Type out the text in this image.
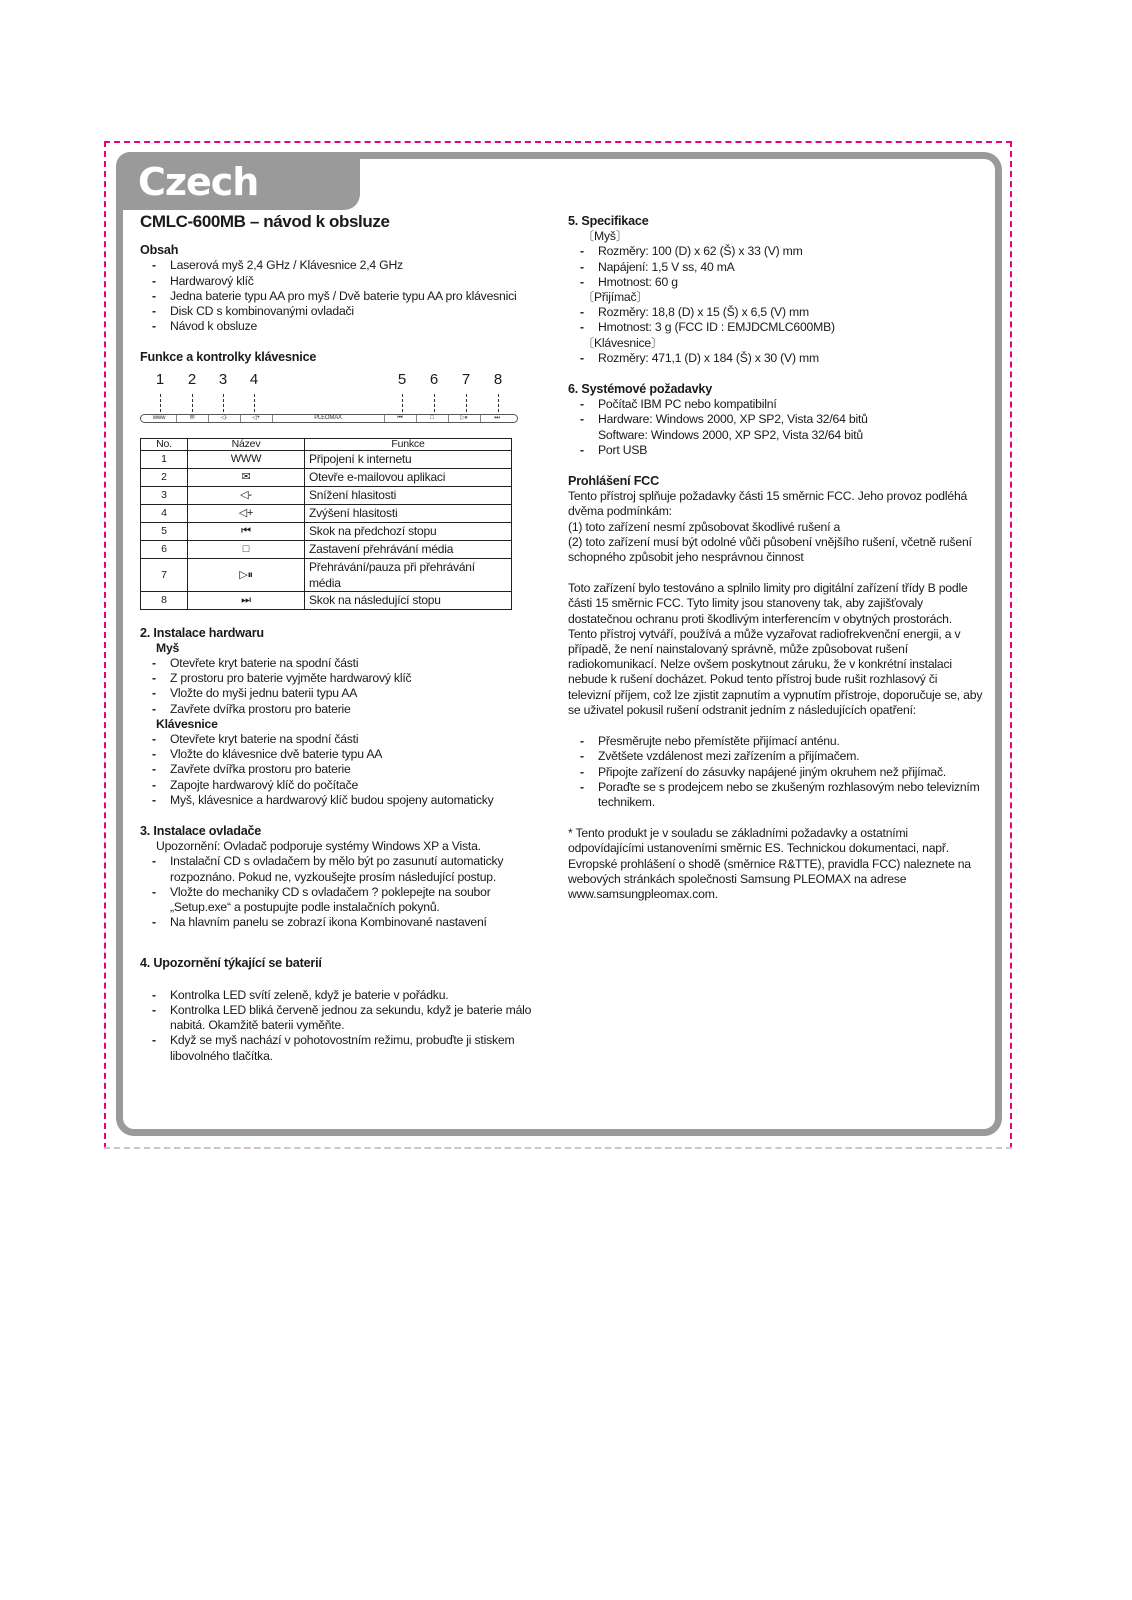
Czech
CMLC-600MB – návod k obsluze
Obsah
- Laserová myš 2,4 GHz / Klávesnice 2,4 GHz
- Hardwarový klíč
- Jedna baterie typu AA pro myš / Dvě baterie typu AA pro klávesnici
- Disk CD s kombinovanými ovladači
- Návod k obsluze
Funkce a kontrolky klávesnice
1 2 3 4	5 6 7 8
www	✉	◁-	◁+	PLEOMAX	⏮	□	▷⏸	⏭
No.	Název	Funkce
1	WWW	Připojení k internetu
2	✉	Otevře e-mailovou aplikaci
3	◁-	Snížení hlasitosti
4	◁+	Zvýšení hlasitosti
5	⏮	Skok na předchozí stopu
6	□	Zastavení přehrávání média
7	▷⏸	Přehrávání/pauza při přehrávání média
8	⏭	Skok na následující stopu
2. Instalace hardwaru
Myš
- Otevřete kryt baterie na spodní části
- Z prostoru pro baterie vyjměte hardwarový klíč
- Vložte do myši jednu baterii typu AA
- Zavřete dvířka prostoru pro baterie
Klávesnice
- Otevřete kryt baterie na spodní části
- Vložte do klávesnice dvě baterie typu AA
- Zavřete dvířka prostoru pro baterie
- Zapojte hardwarový klíč do počítače
- Myš, klávesnice a hardwarový klíč budou spojeny automaticky
3. Instalace ovladače
Upozornění: Ovladač podporuje systémy Windows XP a Vista.
- Instalační CD s ovladačem by mělo být po zasunutí automaticky rozpoznáno. Pokud ne, vyzkoušejte prosím následující postup.
- Vložte do mechaniky CD s ovladačem ? poklepejte na soubor „Setup.exe“ a postupujte podle instalačních pokynů.
- Na hlavním panelu se zobrazí ikona Kombinované nastavení
4. Upozornění týkající se baterií
- Kontrolka LED svítí zeleně, když je baterie v pořádku.
- Kontrolka LED bliká červeně jednou za sekundu, když je baterie málo nabitá. Okamžitě baterii vyměňte.
- Když se myš nachází v pohotovostním režimu, probuďte ji stiskem libovolného tlačítka.
5. Specifikace
〔Myš〕
- Rozměry: 100 (D) x 62 (Š) x 33 (V) mm
- Napájení: 1,5 V ss, 40 mA
- Hmotnost: 60 g
〔Přijímač〕
- Rozměry: 18,8 (D) x 15 (Š) x 6,5 (V) mm
- Hmotnost: 3 g (FCC ID : EMJDCMLC600MB)
〔Klávesnice〕
- Rozměry: 471,1 (D) x 184 (Š) x 30 (V) mm
6. Systémové požadavky
- Počítač IBM PC nebo kompatibilní
- Hardware: Windows 2000, XP SP2, Vista 32/64 bitů
Software: Windows 2000, XP SP2, Vista 32/64 bitů
- Port USB
Prohlášení FCC
Tento přístroj splňuje požadavky části 15 směrnic FCC. Jeho provoz podléhá dvěma podmínkám:
(1) toto zařízení nesmí způsobovat škodlivé rušení a
(2) toto zařízení musí být odolné vůči působení vnějšího rušení, včetně rušení schopného způsobit jeho nesprávnou činnost
Toto zařízení bylo testováno a splnilo limity pro digitální zařízení třídy B podle části 15 směrnic FCC. Tyto limity jsou stanoveny tak, aby zajišťovaly dostatečnou ochranu proti škodlivým interferencím v obytných prostorách. Tento přístroj vytváří, používá a může vyzařovat radiofrekvenční energii, a v případě, že není nainstalovaný správně, může způsobovat rušení radiokomunikací. Nelze ovšem poskytnout záruku, že v konkrétní instalaci nebude k rušení docházet. Pokud tento přístroj bude rušit rozhlasový či televizní příjem, což lze zjistit zapnutím a vypnutím přístroje, doporučuje se, aby se uživatel pokusil rušení odstranit jedním z následujících opatření:
- Přesměrujte nebo přemístěte přijímací anténu.
- Zvětšete vzdálenost mezi zařízením a přijímačem.
- Připojte zařízení do zásuvky napájené jiným okruhem než přijímač.
- Poraďte se s prodejcem nebo se zkušeným rozhlasovým nebo televizním technikem.
* Tento produkt je v souladu se základními požadavky a ostatními odpovídajícími ustanoveními směrnic ES. Technickou dokumentaci, např. Evropské prohlášení o shodě (směrnice R&TTE), pravidla FCC) naleznete na webových stránkách společnosti Samsung PLEOMAX na adrese www.samsungpleomax.com.
